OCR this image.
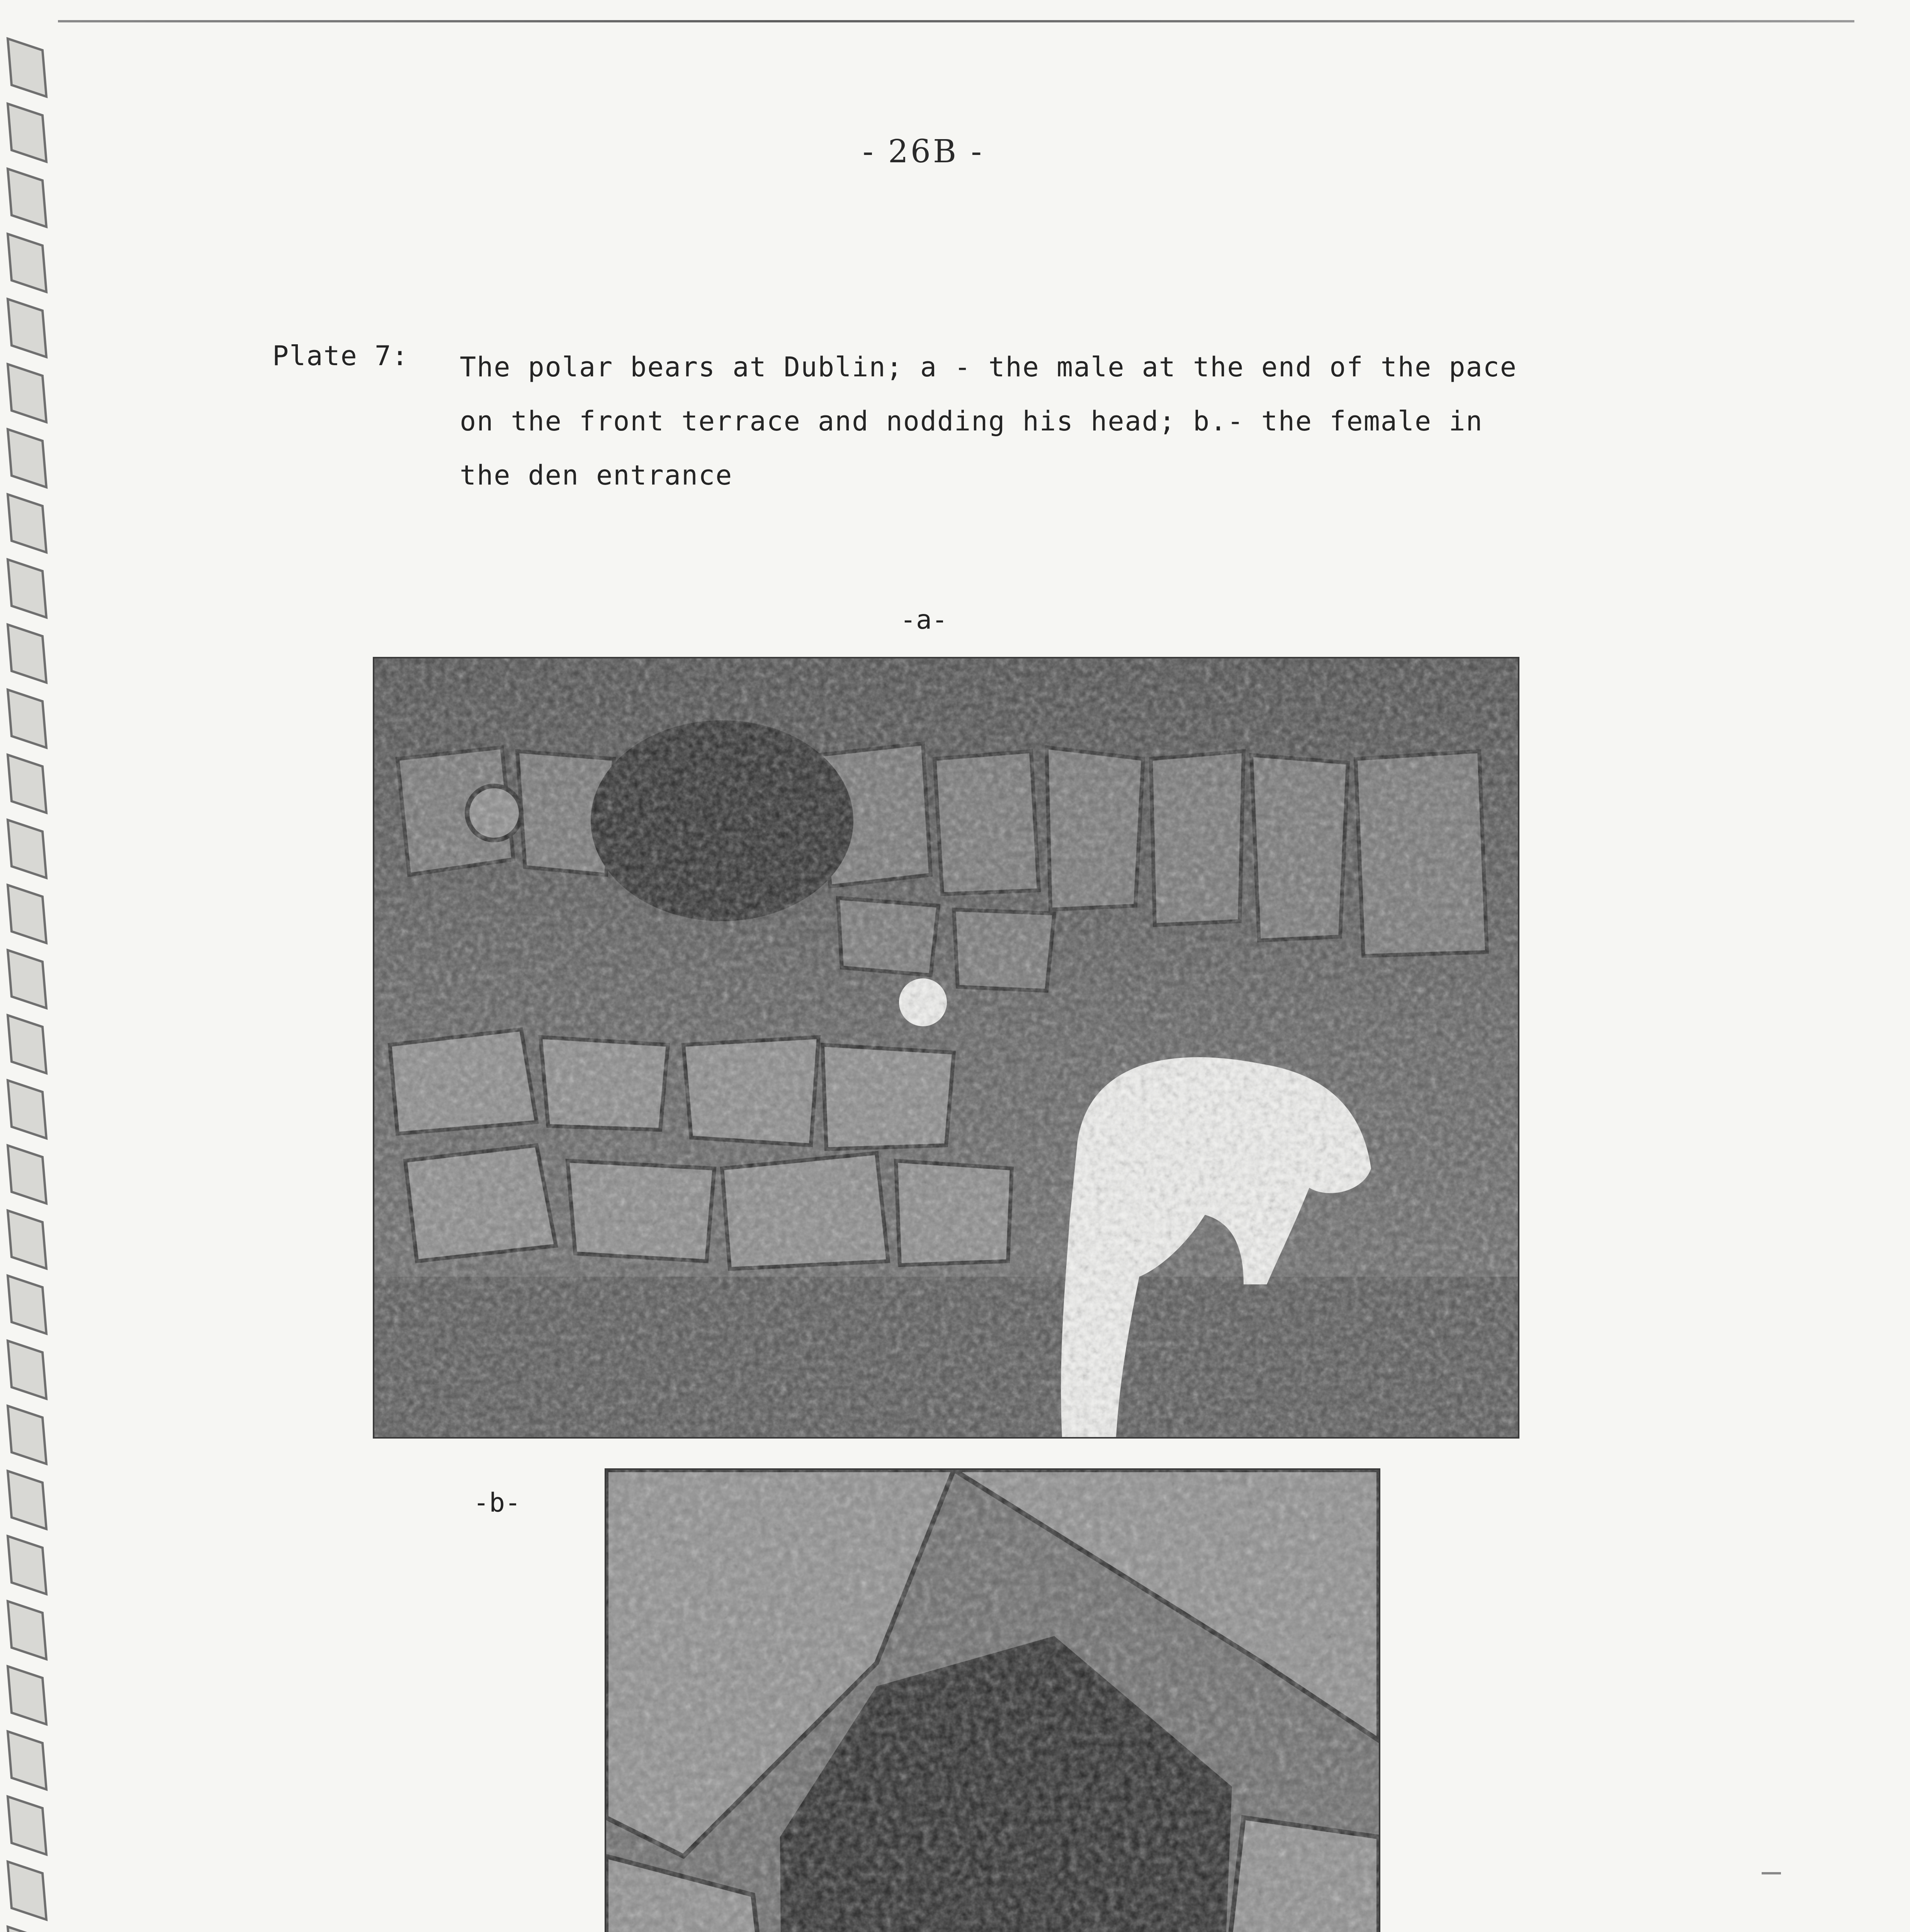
- 26B -
Plate 7: The polar bears at Dublin; a - the male at the end of the pace
on the front terrace and nodding his head; b.- the female in
the den entrance
-a-
-b-
